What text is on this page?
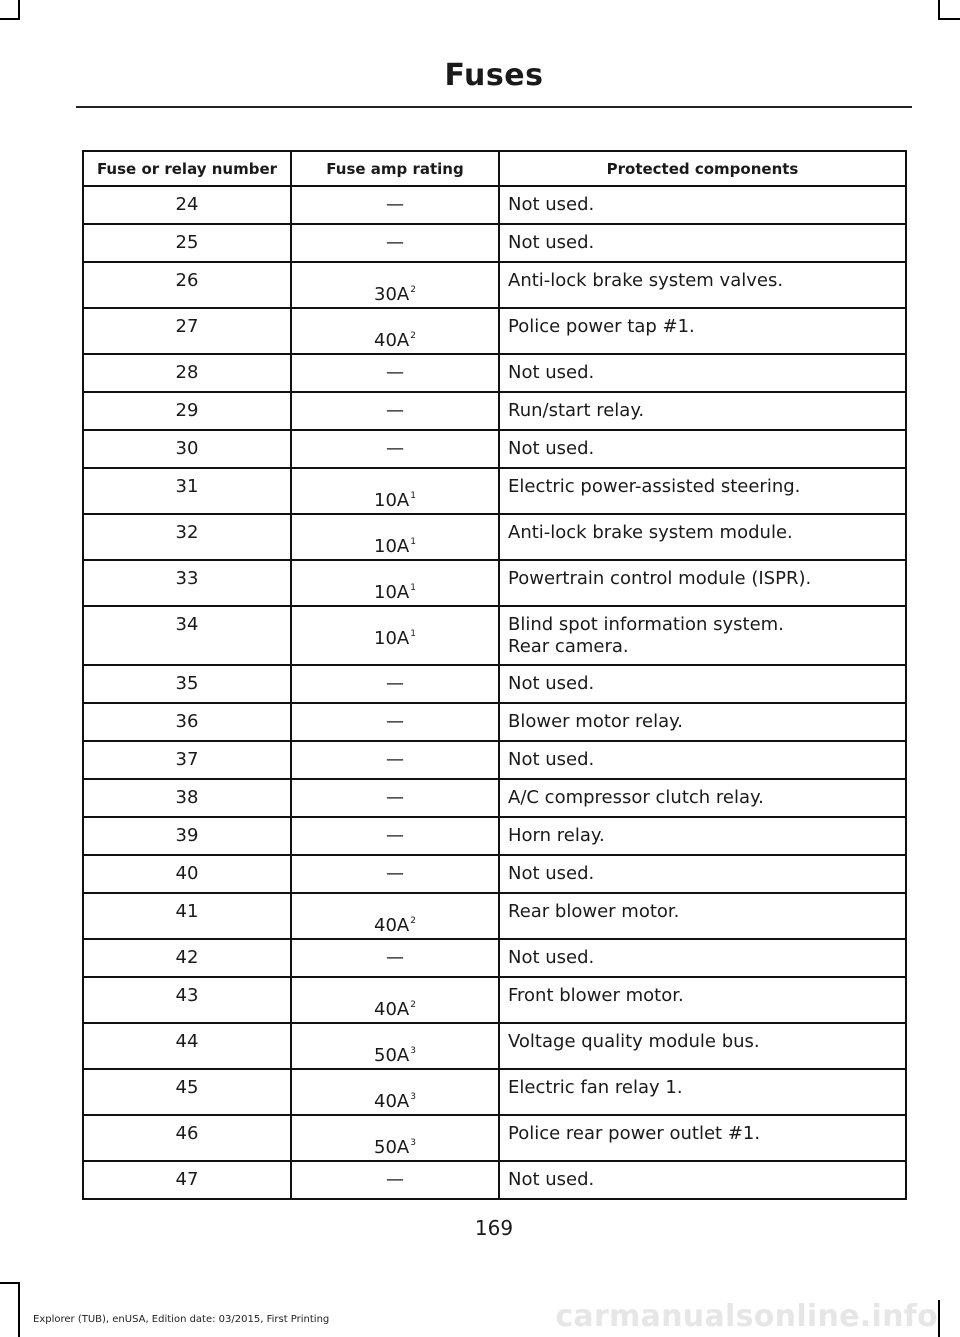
Fuses
Fuse or relay number	Fuse amp rating	Protected components
24	—	Not used.

25	—	Not used.

26	$30A^2$	Anti-lock brake system valves.

27	$40A^2$	Police power tap #1.

28	—	Not used.

29	—	Run/start relay.

30	—	Not used.

31	$10A^1$	Electric power-assisted steering.

32	$10A^1$	Anti-lock brake system module.

33	$10A^1$	Powertrain control module (ISPR).

34	$10A^1$	Blind spot information system.
Rear camera.

35	—	Not used.

36	—	Blower motor relay.

37	—	Not used.

38	—	A/C compressor clutch relay.

39	—	Horn relay.

40	—	Not used.

41	$40A^2$	Rear blower motor.

42	—	Not used.

43	$40A^2$	Front blower motor.

44	$50A^3$	Voltage quality module bus.

45	$40A^3$	Electric fan relay 1.

46	$50A^3$	Police rear power outlet #1.

47	—	Not used.
169
Explorer (TUB), enUSA, Edition date: 03/2015, First Printing	carmanualsonline.info
